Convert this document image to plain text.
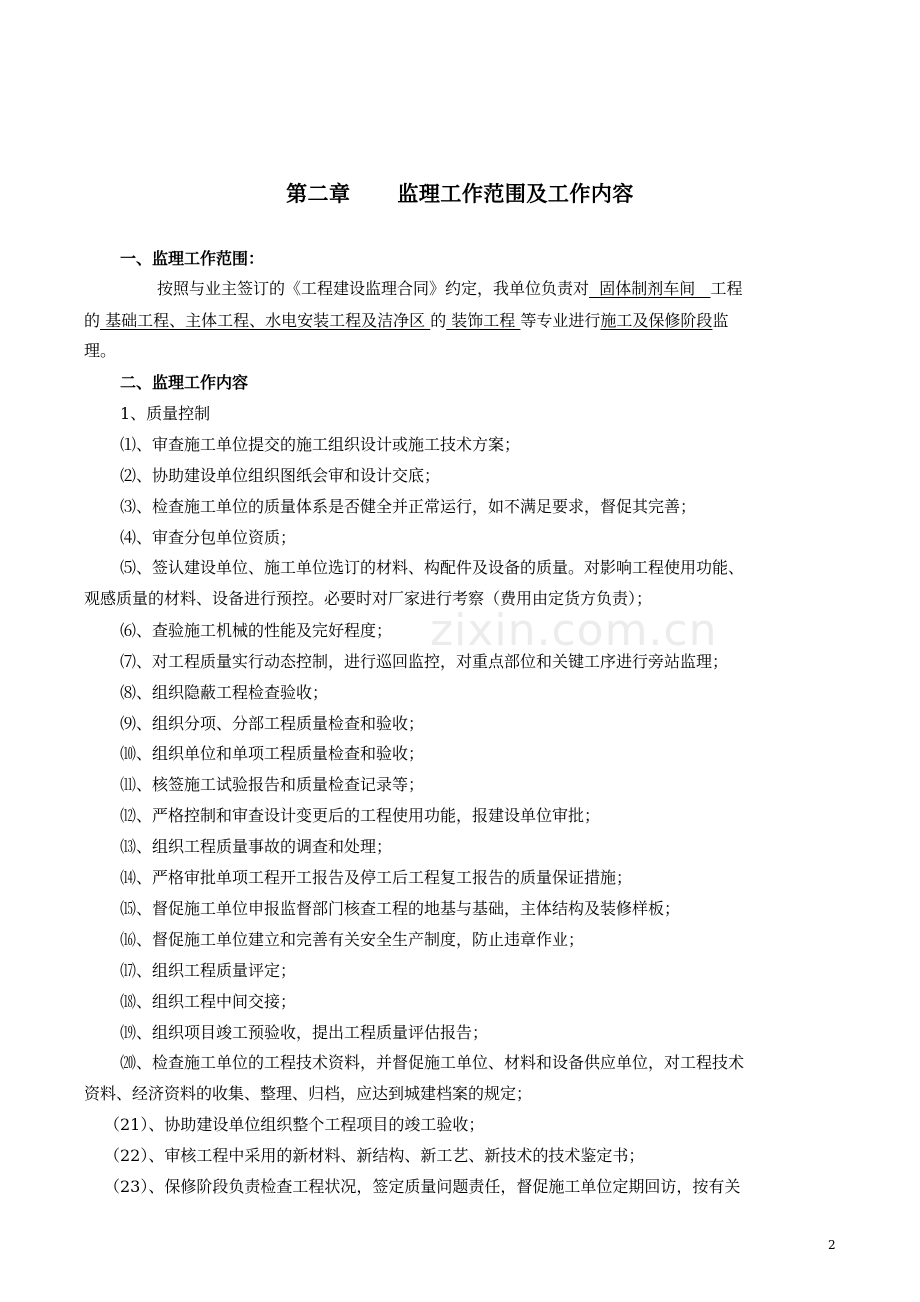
zixin.com.cn
第二章      监理工作范围及工作内容
一、监理工作范围：
按照与业主签订的《工程建设监理合同》约定，我单位负责对  固体制剂车间   工程
的 基础工程、主体工程、水电安装工程及洁净区 的 装饰工程 等专业进行施工及保修阶段监
理。
二、监理工作内容
1、质量控制
⑴、审查施工单位提交的施工组织设计或施工技术方案；
⑵、协助建设单位组织图纸会审和设计交底；
⑶、检查施工单位的质量体系是否健全并正常运行，如不满足要求，督促其完善；
⑷、审查分包单位资质；
⑸、签认建设单位、施工单位选订的材料、构配件及设备的质量。对影响工程使用功能、
观感质量的材料、设备进行预控。必要时对厂家进行考察（费用由定货方负责）；
⑹、查验施工机械的性能及完好程度；
⑺、对工程质量实行动态控制，进行巡回监控，对重点部位和关键工序进行旁站监理；
⑻、组织隐蔽工程检查验收；
⑼、组织分项、分部工程质量检查和验收；
⑽、组织单位和单项工程质量检查和验收；
⑾、核签施工试验报告和质量检查记录等；
⑿、严格控制和审查设计变更后的工程使用功能，报建设单位审批；
⒀、组织工程质量事故的调查和处理；
⒁、严格审批单项工程开工报告及停工后工程复工报告的质量保证措施；
⒂、督促施工单位申报监督部门核查工程的地基与基础，主体结构及装修样板；
⒃、督促施工单位建立和完善有关安全生产制度，防止违章作业；
⒄、组织工程质量评定；
⒅、组织工程中间交接；
⒆、组织项目竣工预验收，提出工程质量评估报告；
⒇、检查施工单位的工程技术资料，并督促施工单位、材料和设备供应单位，对工程技术
资料、经济资料的收集、整理、归档，应达到城建档案的规定；
（21）、协助建设单位组织整个工程项目的竣工验收；
（22）、审核工程中采用的新材料、新结构、新工艺、新技术的技术鉴定书；
（23）、保修阶段负责检查工程状况，签定质量问题责任，督促施工单位定期回访，按有关
2
